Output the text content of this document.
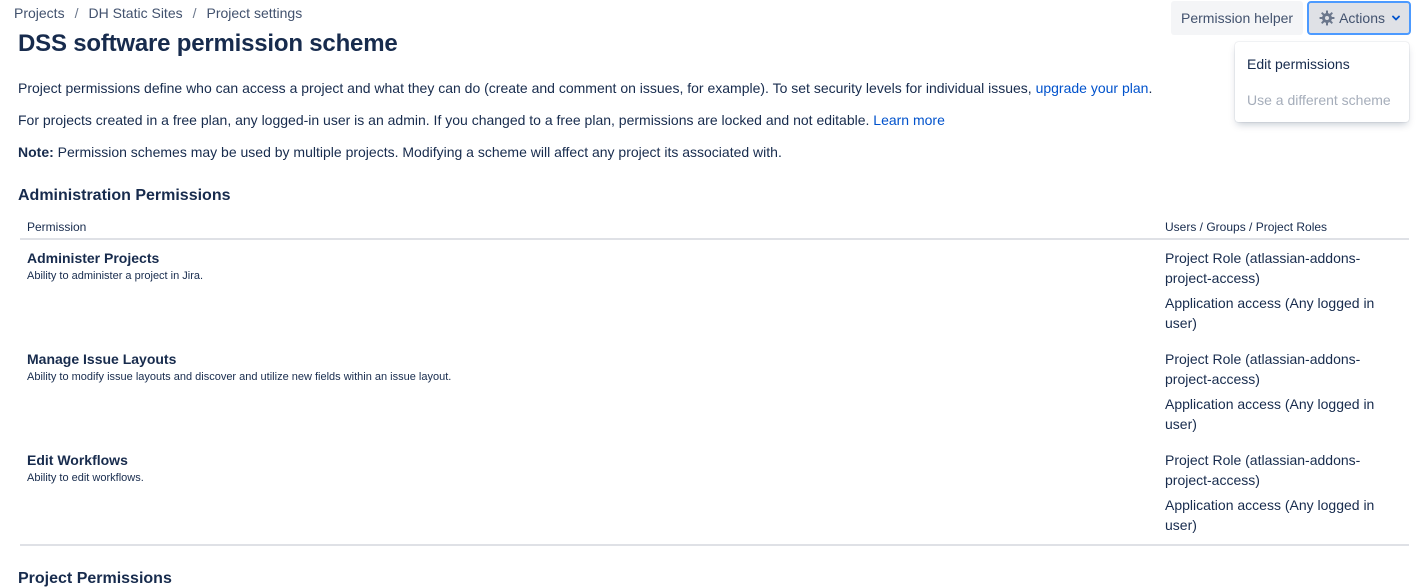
Projects / DH Static Sites / Project settings
DSS software permission scheme
Permission helper	Actions
Edit permissions
Use a different scheme

Project permissions define who can access a project and what they can do (create and comment on issues, for example). To set security levels for individual issues, upgrade your plan.

For projects created in a free plan, any logged-in user is an admin. If you changed to a free plan, permissions are locked and not editable. Learn more

Note: Permission schemes may be used by multiple projects. Modifying a scheme will affect any project its associated with.

Administration Permissions
Permission	Users / Groups / Project Roles
Administer Projects
Ability to administer a project in Jira.
Project Role (atlassian-addons-project-access)
Application access (Any logged in user)
Manage Issue Layouts
Ability to modify issue layouts and discover and utilize new fields within an issue layout.
Project Role (atlassian-addons-project-access)
Application access (Any logged in user)
Edit Workflows
Ability to edit workflows.
Project Role (atlassian-addons-project-access)
Application access (Any logged in user)
Project Permissions
